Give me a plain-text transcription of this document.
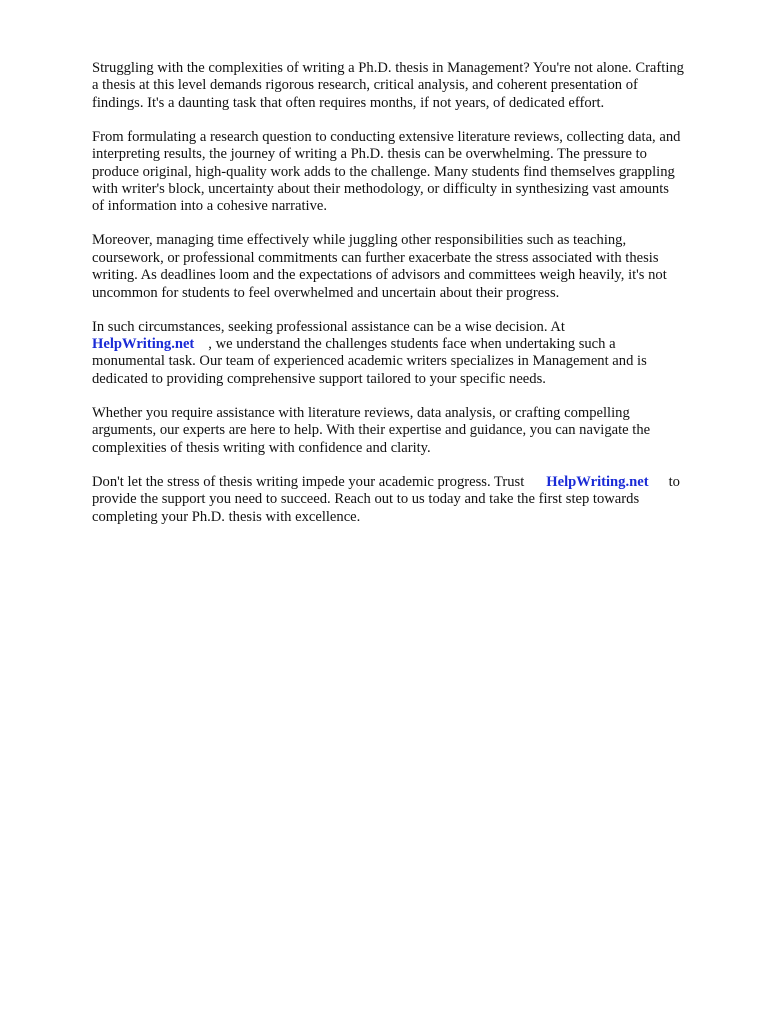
Struggling with the complexities of writing a Ph.D. thesis in Management? You're not alone. Crafting
a thesis at this level demands rigorous research, critical analysis, and coherent presentation of
findings. It's a daunting task that often requires months, if not years, of dedicated effort.

From formulating a research question to conducting extensive literature reviews, collecting data, and
interpreting results, the journey of writing a Ph.D. thesis can be overwhelming. The pressure to
produce original, high-quality work adds to the challenge. Many students find themselves grappling
with writer's block, uncertainty about their methodology, or difficulty in synthesizing vast amounts
of information into a cohesive narrative.

Moreover, managing time effectively while juggling other responsibilities such as teaching,
coursework, or professional commitments can further exacerbate the stress associated with thesis
writing. As deadlines loom and the expectations of advisors and committees weigh heavily, it's not
uncommon for students to feel overwhelmed and uncertain about their progress.

In such circumstances, seeking professional assistance can be a wise decision. At
HelpWriting.net , we understand the challenges students face when undertaking such a
monumental task. Our team of experienced academic writers specializes in Management and is
dedicated to providing comprehensive support tailored to your specific needs.

Whether you require assistance with literature reviews, data analysis, or crafting compelling
arguments, our experts are here to help. With their expertise and guidance, you can navigate the
complexities of thesis writing with confidence and clarity.

Don't let the stress of thesis writing impede your academic progress. Trust HelpWriting.net to
provide the support you need to succeed. Reach out to us today and take the first step towards
completing your Ph.D. thesis with excellence.
